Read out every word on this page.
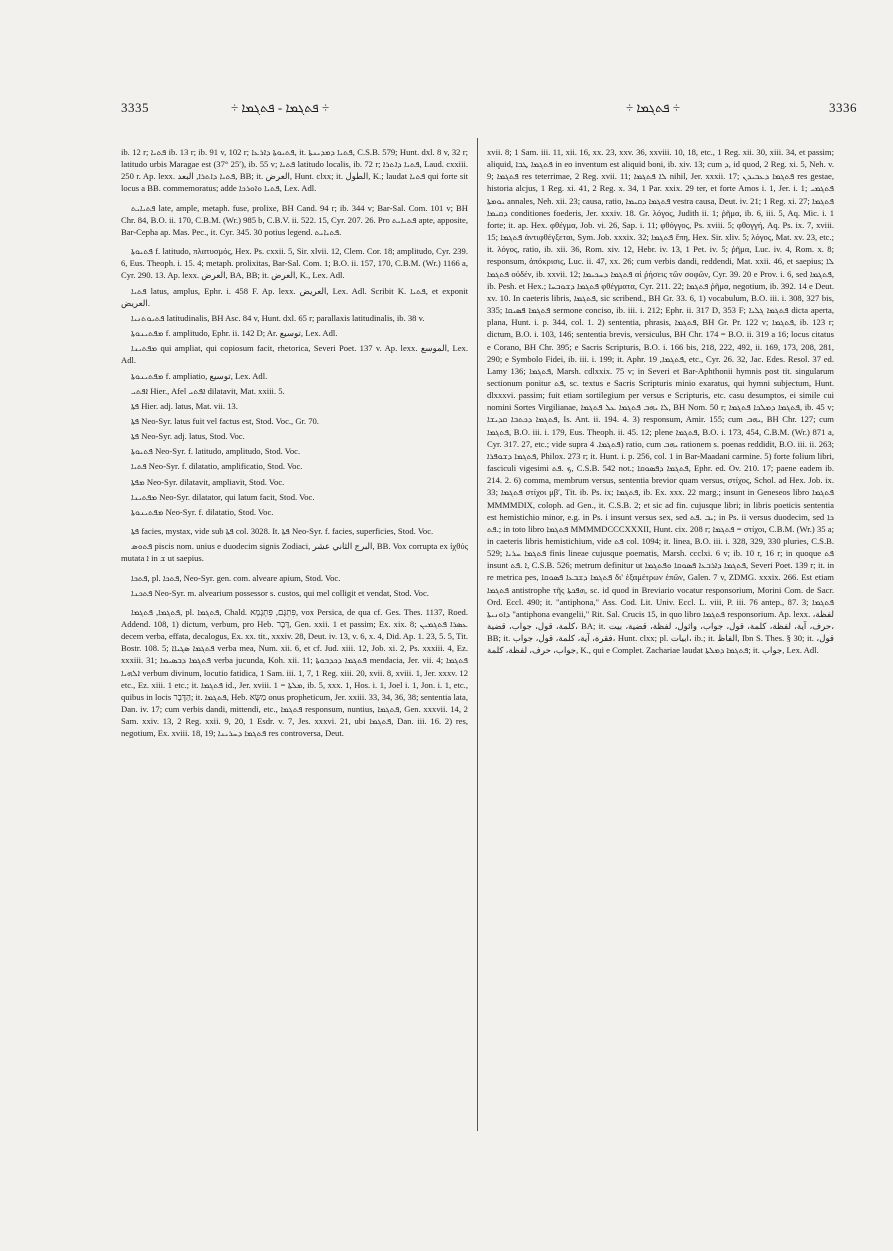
3335	÷ ܦܬܓܡܐ - ܦܬܓܡܐ ÷	÷ ܦܬܓܡܐ ÷	3336

ib. 12 r; ܦܬܝܐ ib. 13 r; ib. 91 v, 102 r; ܦܬܝܘܬܐ ܕܐܪܥܐ, it. ܦܬܝܐ ܕܡܕܝܢܬܐ, C.S.B. 579; Hunt. dxl. 8 v, 32 r; latitudo urbis Maragae est (37° 25′), ib. 55 v; ܦܬܝܐ latitudo localis, ib. 72 r; ܦܬܝܐ ܕܐܬܪܐ, Laud. cxxiii. 250 r. Ap. lexx. ܦܬܝܐ ܕܐܬܪܐ, البعد, BB; it. العرض, Hunt. clxx; it. الطول, K.; laudat ܦܬܝܐ qui forte sit locus a BB. commemoratus; adde ܦܬܝܐ ܘܐܘܪܟܐ, Lex. Adl.

ܦܬܝܐܝܬ late, ample, metaph. fuse, prolixe, BH Cand. 94 r; ib. 344 v; Bar-Sal. Com. 101 v; BH Chr. 84, B.O. ii. 170, C.B.M. (Wr.) 985 b, C.B.V. ii. 522. 15, Cyr. 207. 26. Pro ܦܬܝܐܝܬ apte, apposite, Bar-Cepha ap. Mas. Pec., it. Cyr. 345. 30 potius legend. ܦܬܝܐܝܬ.

ܦܬܝܘܬܐ f. latitudo, πλατυσμός, Hex. Ps. cxxii. 5, Sir. xlvii. 12, Clem. Cor. 18; amplitudo, Cyr. 239. 6, Eus. Theoph. i. 15. 4; metaph. prolixitas, Bar-Sal. Com. 1; B.O. ii. 157, 170, C.B.M. (Wr.) 1166 a, Cyr. 290. 13. Ap. lexx. العرض, BA, BB; it. العرض, K., Lex. Adl.

ܦܬܝܐ latus, amplus, Ephr. i. 458 F. Ap. lexx. العريض, Lex. Adl. Scribit K. ܦܬܝܐ, et exponit العريض.

ܦܬܝܘܬܢܝܐ latitudinalis, BH Asc. 84 v, Hunt. dxl. 65 r; parallaxis latitudinalis, ib. 38 v.

ܡܦܬܝܢܘܬܐ f. amplitudo, Ephr. ii. 142 D; Ar. توسيع, Lex. Adl.

ܡܦܬܝܢܐ qui ampliat, qui copiosum facit, rhetorica, Severi Poet. 137 v. Ap. lexx. الموسع, Lex. Adl.

ܡܦܬܝܢܘܬܐ f. ampliatio, توسيع, Lex. Adl.

ܐܦܬܝ Hier., Afel ܐܦܬܝ dilatavit, Mat. xxiii. 5.

ܦܬܐ Hier. adj. latus, Mat. vii. 13.

ܦܬܐ Neo-Syr. latus fuit vel factus est, Stod. Voc., Gr. 70.

ܦܬܐ Neo-Syr. adj. latus, Stod. Voc.

ܦܬܝܘܬܐ Neo-Syr. f. latitudo, amplitudo, Stod. Voc.

ܦܬܝܐ Neo-Syr. f. dilatatio, amplificatio, Stod. Voc.

ܡܦܬܐ Neo-Syr. dilatavit, ampliavit, Stod. Voc.

ܡܦܬܝܢܐ Neo-Syr. dilatator, qui latum facit, Stod. Voc.

ܡܦܬܝܢܘܬܐ Neo-Syr. f. dilatatio, Stod. Voc.

ܦܬܐ facies, mystax, vide sub ܦܬܐ col. 3028. It. ܦܬܐ Neo-Syr. f. facies, superficies, Stod. Voc.

ܦܬܘܣ piscis nom. unius e duodecim signis Zodiaci, البرج الثاني عشر, BB. Vox corrupta ex ἰχθύς mutata ܐ in ܫ ut saepius.

ܦܬܟܐ, pl. ܦܬܟܐ, Neo-Syr. gen. com. alveare apium, Stod. Voc.

ܦܬܟܢܐ Neo-Syr. m. alvearium possessor s. custos, qui mel colligit et vendat, Stod. Voc.

ܦܬܓܡܐ, ܦܬܓܡܐ, pl. ܦܬܓܡܐ, Chald. פִּתְגָּם, פִּתְגָמָא, vox Persica, de qua cf. Ges. Thes. 1137, Roed. Addend. 108, 1) dictum, verbum, pro Heb. דָּבָר, Gen. xxii. 1 et passim; Ex. xix. 8; ܥܣܪܐ ܦܬܓܡܝܢ decem verba, effata, decalogus, Ex. xx. tit., xxxiv. 28, Deut. iv. 13, v. 6, x. 4, Did. Ap. 1. 23, 5. 5, Tit. Bostr. 108. 5; ܦܬܓܡܐ ܣܓܝܐܐ verba mea, Num. xii. 6, et cf. Jud. xiii. 12, Job. xi. 2, Ps. xxxiii. 4, Ez. xxxiii. 31; ܦܬܓܡܐ ܕܒܣܝܡܐ verba jucunda, Koh. xii. 11; ܦܬܓܡܐ ܕܟܕܒܘܬܐ mendacia, Jer. vii. 4; ܦܬܓܡܐ ܐܠܗܝܐ verbum divinum, locutio fatidica, 1 Sam. iii. 1, 7, 1 Reg. xiii. 20, xvii. 8, xviii. 1, Jer. xxxv. 12 etc., Ez. xiii. 1 etc.; it. ܦܬܓܡܐ id., Jer. xviii. 1 = ܡܠܬܐ, ib. 5, xxx. 1, Hos. i. 1, Joel i. 1, Jon. i. 1, etc., quibus in locis הַדָּבָר; it. ܦܬܓܡܐ, Heb. מַשָּׂא onus propheticum, Jer. xxiii. 33, 34, 36, 38; sententia lata, Dan. iv. 17; cum verbis dandi, mittendi, etc., ܦܬܓܡܐ responsum, nuntius, ܦܬܓܡܐ, Gen. xxxvii. 14, 2 Sam. xxiv. 13, 2 Reg. xxii. 9, 20, 1 Esdr. v. 7, Jes. xxxvi. 21, ubi ܦܬܓܡܐ, Dan. iii. 16. 2) res, negotium, Ex. xviii. 18, 19; ܦܬܓܡܐ ܕܚܪܝܢܐ res controversa, Deut.

xvii. 8; 1 Sam. iii. 11, xii. 16, xx. 23, xxv. 36, xxviii. 10, 18, etc., 1 Reg. xii. 30, xiii. 34, et passim; aliquid, ܦܬܓܡܐ ܛܒܐ in eo inventum est aliquid boni, ib. xiv. 13; cum ܕ, id quod, 2 Reg. xi. 5, Neh. v. 9; ܦܬܓܡܐ res teterrimae, 2 Reg. xvii. 11; ܠܐ ܦܬܓܡܐ nihil, Jer. xxxii. 17; ܦܬܓܡܐ ܕܥܒܝܕܢ res gestae, historia alcjus, 1 Reg. xi. 41, 2 Reg. x. 34, 1 Par. xxix. 29 ter, et forte Amos i. 1, Jer. i. 1; ܦܬܓܡܝ ܝܘܡܬܐ annales, Neh. xii. 23; causa, ratio, ܦܬܓܡܐ ܕܩܝܡܐ vestra causa, Deut. iv. 21; 1 Reg. xi. 27; ܦܬܓܡܐ ܕܩܝܡܐ conditiones foederis, Jer. xxxiv. 18. Gr. λόγος, Judith ii. 1; ῥῆμα, ib. 6, iii. 5, Aq. Mic. i. 1 forte; it. ap. Hex. φθέγμα, Job. vi. 26, Sap. i. 11; φθόγγος, Ps. xviii. 5; φθογγή, Aq. Ps. ix. 7, xviii. 15; ܦܬܓܡܐ ἀντιφθέγξεται, Sym. Job. xxxix. 32; ܦܬܓܡܐ ἔπη, Hex. Sir. xliv. 5; λόγος, Mat. xv. 23, etc.; it. λόγος, ratio, ib. xii. 36, Rom. xiv. 12, Hebr. iv. 13, 1 Pet. iv. 5; ῥῆμα, Luc. iv. 4, Rom. x. 8; responsum, ἀπόκρισις, Luc. ii. 47, xx. 26; cum verbis dandi, reddendi, Mat. xxii. 46, et saepius; ܠܐ ܦܬܓܡܐ οὐδέν, ib. xxvii. 12; ܦܬܓܡܐ ܕܚܟܝܡܐ αἱ ῥήσεις τῶν σοφῶν, Cyr. 39. 20 e Prov. i. 6, sed ܦܬܓܡܐ, ib. Pesh. et Hex.; ܦܬܓܡܐ ܕܫܘܒܚܐ φθέγματα, Cyr. 211. 22; ܦܬܓܡܐ ῥῆμα, negotium, ib. 392. 14 e Deut. xv. 10. In caeteris libris, ܦܬܓܡܐ, sic scribend., BH Gr. 33. 6, 1) vocabulum, B.O. iii. i. 308, 327 bis, 335; ܦܬܓܡܐ ܦܣܝܩܐ sermone conciso, ib. iii. i. 212; Ephr. ii. 317 D, 353 F; ܦܬܓܡܐ ܓܠܝܐ dicta aperta, plana, Hunt. i. p. 344, col. 1. 2) sententia, phrasis, ܦܬܓܡܐ, BH Gr. Pr. 122 v; ܦܬܓܡܐ, ib. 123 r; dictum, B.O. i. 103, 146; sententia brevis, versiculus, BH Chr. 174 = B.O. ii. 319 a 16; locus citatus e Corano, BH Chr. 395; e Sacris Scripturis, B.O. i. 166 bis, 218, 222, 492, ii. 169, 173, 208, 281, 290; e Symbolo Fidei, ib. iii. i. 199; it. Aphr. ܦܬܓܡܐ, 19, etc., Cyr. 26. 32, Jac. Edes. Resol. 37 ed. Lamy 136; ܦܬܓܡܐ, Marsh. cdlxxix. 75 v; in Severi et Bar-Aphthonii hymnis post tit. singularum sectionum ponitur ܦܬ, sc. textus e Sacris Scripturis minio exaratus, qui hymni subjectum, Hunt. dlxxxvi. passim; fuit etiam sortilegium per versus e Scripturis, etc. casu desumptos, ei simile cui nomini Sortes Virgilianae, ܠܐ ܝܗܒ ܦܬܓܡܐ ܥܠ ܦܬܓܡܐ, BH Nom. 50 r; ܦܬܓܡܐ ܕܡܠܟܐ ܦܬܓܡܐ, ib. 45 v; ܦܬܓܡܐ ܕܟܬܒܐ ܩܕܝܫܐ, Is. Ant. ii. 194. 4. 3) responsum, Amir. 155; cum ܝܗܒ, BH Chr. 127; cum ܦܬܓܡܐ, B.O. iii. i. 179, Eus. Theoph. ii. 45. 12; plene ܦܬܓܡܐ, B.O. i. 173, 454, C.B.M. (Wr.) 871 a, Cyr. 317. 27, etc.; vide supra ܦܬܓܡܐ. 4) ratio, cum ܝܗܒ rationem s. poenas reddidit, B.O. iii. ii. 263; ܦܬܓܡܐ ܕܫܘܦܪܐ, Philox. 273 r; it. Hunt. i. p. 256, col. 1 in Bar-Maadani carmine. 5) forte folium libri, fasciculi vigesimi ܟ .ܦܬ, C.S.B. 542 not.; ܦܬܓܡܐ ܕܦܣܘܩܐ, Ephr. ed. Ov. 210. 17; paene eadem ib. 214. 2. 6) comma, membrum versus, sententia brevior quam versus, στίχος, Schol. ad Hex. Job. ix. 33; ܦܬܓܡܐ στίχοι μβ′, Tit. ib. Ps. ix; ܦܬܓܡܐ, ib. Ex. xxx. 22 marg.; insunt in Geneseos libro ܦܬܓܡܐ MMMMDIX, coloph. ad Gen., it. C.S.B. 2; et sic ad fin. cujusque libri; in libris poeticis sententia est hemistichio minor, e.g. in Ps. i insunt versus sex, sed ܝܒ .ܦܬ; in Ps. ii versus duodecim, sed ܟܐ .ܦܬ; in toto libro ܦܬܓܡܐ MMMMDCCCXXXII, Hunt. cix. 208 r; ܦܬܓܡܐ = στίχοι, C.B.M. (Wr.) 35 a; in caeteris libris hemistichium, vide ܦܬ col. 1094; it. linea, B.O. iii. i. 328, 329, 330 pluries, C.S.B. 529; ܦܬܓܡܐ ܚܪܝܐ finis lineae cujusque poematis, Marsh. ccclxi. 6 v; ib. 10 r, 16 r; in quoque ܦܬ insunt ܐ .ܦܬ, C.S.B. 526; metrum definitur ut ܦܬܓܡܐ ܕܐܪܒܥܐ ܦܣܘܩܐ ܘܦܬܓܡܐ, Severi Poet. 139 r; it. in re metrica pes, ܦܬܓܡܐ ܕܫܒܥܐ ܦܣܘܩܐ δι' ἑξαμέτρων ἐπῶν, Galen. 7 v, ZDMG. xxxix. 266. Est etiam ܦܬܓܡܐ antistrophe τῆς ܗܦܟܬܐ, sc. id quod in Breviario vocatur responsorium, Morini Com. de Sacr. Ord. Eccl. 490; it. "antiphona," Ass. Cod. Lit. Univ. Eccl. L. viii, P. iii. 76 antep., 87. 3; ܦܬܓܡܐ ܕܐܘܢܝܬܐ "antiphona evangelii," Rit. Sal. Crucis 15, in quo libro ܦܬܓܡܐ responsorium. Ap. lexx. لفظة، كلمة، قول، جواب، قضية، BA; it. حرف، آية، لفظة، كلمة، قول، جواب، واثول، لفظة، قضية، بيت، BB; it. فقرة، آية، كلمة، قول، جواب، Hunt. clxx; pl. ابيات، ib.; it. الفاظ, Ibn S. Thes. § 30; it. قول، جواب، حرف، لفظة، كلمة, K., qui e Complet. Zachariae laudat ܦܬܓܡܐ ܕܡܠܬܐ; it. جواب, Lex. Adl.
